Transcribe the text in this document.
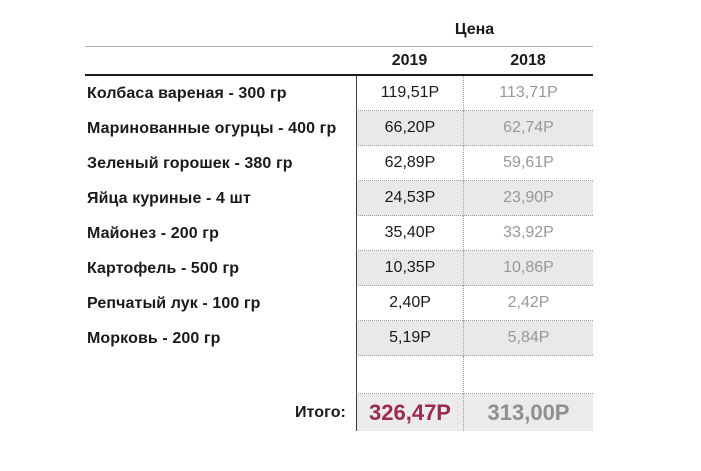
Цена
2019	2018
Колбаса вареная - 300 гр	119,51Р	113,71Р
Маринованные огурцы - 400 гр	66,20Р	62,74Р
Зеленый горошек - 380 гр	62,89Р	59,61Р
Яйца куриные - 4 шт	24,53Р	23,90Р
Майонез - 200 гр	35,40Р	33,92Р
Картофель - 500 гр	10,35Р	10,86Р
Репчатый лук - 100 гр	2,40Р	2,42Р
Морковь - 200 гр	5,19Р	5,84Р
Итого:	326,47Р	313,00Р
